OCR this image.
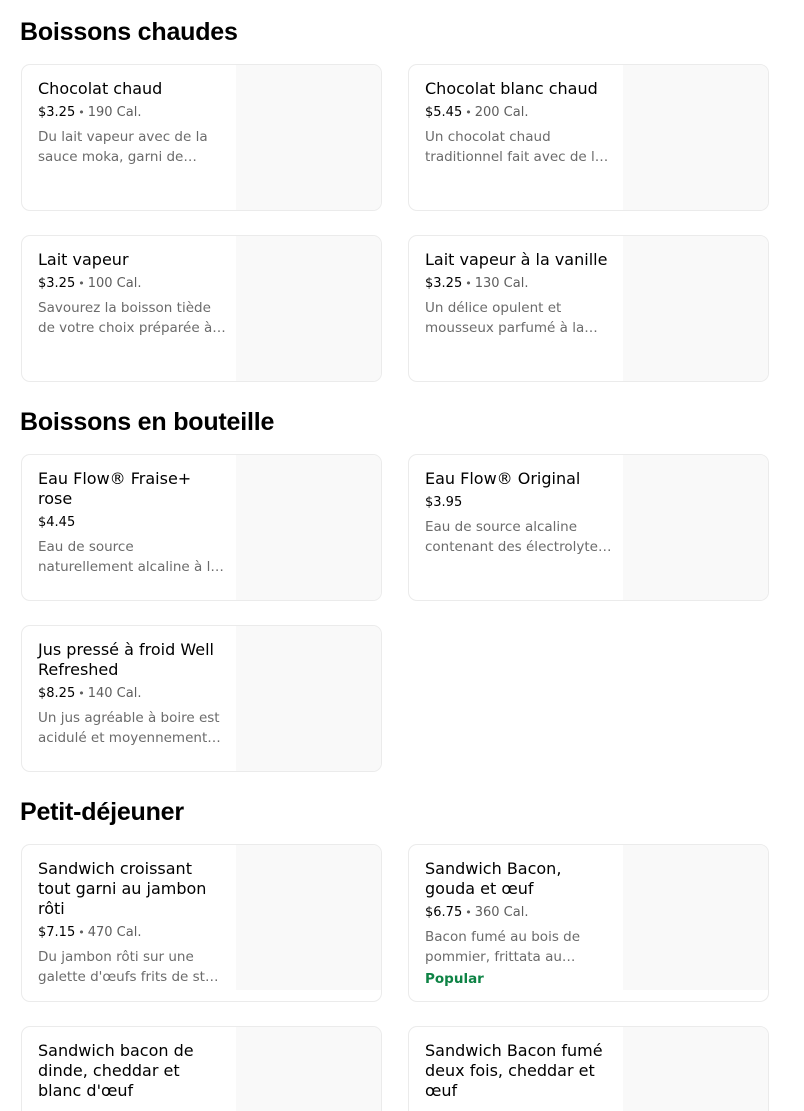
Boissons chaudes

Chocolat chaud

$3.25 • 190 Cal.
Du lait vapeur avec de la sauce moka, garni de

Chocolat blanc chaud

$5.45 • 200 Cal.
Un chocolat chaud traditionnel fait avec de la

Lait vapeur

$3.25 • 100 Cal.
Savourez la boisson tiède de votre choix préparée à

Lait vapeur à la vanille

$3.25 • 130 Cal.
Un délice opulent et mousseux parfumé à la
Boissons en bouteille

Eau Flow® Fraise+ rose

$4.45
Eau de source naturellement alcaline à la

Eau Flow® Original

$3.95
Eau de source alcaline contenant des électrolytes

Jus pressé à froid Well Refreshed

$8.25 • 140 Cal.
Un jus agréable à boire est acidulé et moyennement
Petit-déjeuner

Sandwich croissant tout garni au jambon rôti

$7.15 • 470 Cal.
Du jambon rôti sur une galette d'œufs frits de style

Sandwich Bacon, gouda et œuf

$6.75 • 360 Cal.
Bacon fumé au bois de pommier, frittata au
Popular

Sandwich bacon de dinde, cheddar et blanc d'œuf

Sandwich Bacon fumé deux fois, cheddar et œuf
